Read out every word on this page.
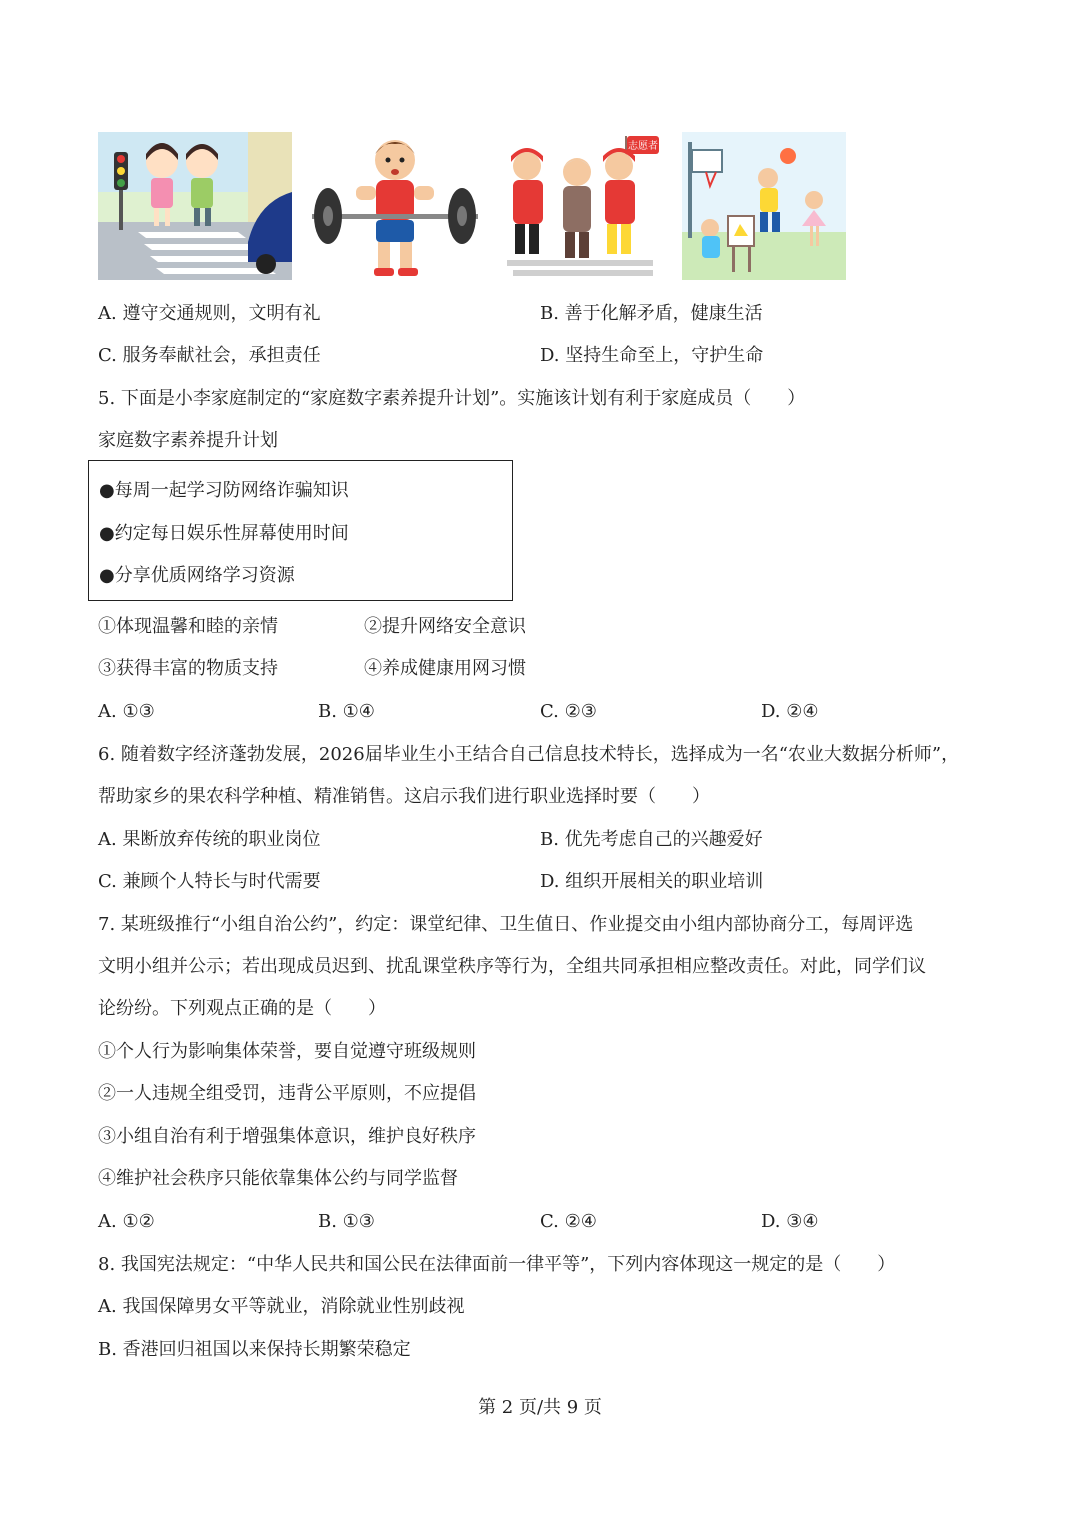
志愿者
A. 遵守交通规则，文明有礼	B. 善于化解矛盾，健康生活
C. 服务奉献社会，承担责任	D. 坚持生命至上，守护生命
5. 下面是小李家庭制定的“家庭数字素养提升计划”。实施该计划有利于家庭成员（　　）
家庭数字素养提升计划
●每周一起学习防网络诈骗知识
●约定每日娱乐性屏幕使用时间
●分享优质网络学习资源
①体现温馨和睦的亲情	②提升网络安全意识
③获得丰富的物质支持	④养成健康用网习惯
A. ①③	B. ①④	C. ②③	D. ②④
6. 随着数字经济蓬勃发展，2026届毕业生小王结合自己信息技术特长，选择成为一名“农业大数据分析师”，
帮助家乡的果农科学种植、精准销售。这启示我们进行职业选择时要（　　）
A. 果断放弃传统的职业岗位	B. 优先考虑自己的兴趣爱好
C. 兼顾个人特长与时代需要	D. 组织开展相关的职业培训
7. 某班级推行“小组自治公约”，约定：课堂纪律、卫生值日、作业提交由小组内部协商分工，每周评选
文明小组并公示；若出现成员迟到、扰乱课堂秩序等行为，全组共同承担相应整改责任。对此，同学们议
论纷纷。下列观点正确的是（　　）
①个人行为影响集体荣誉，要自觉遵守班级规则
②一人违规全组受罚，违背公平原则，不应提倡
③小组自治有利于增强集体意识，维护良好秩序
④维护社会秩序只能依靠集体公约与同学监督
A. ①②	B. ①③	C. ②④	D. ③④
8. 我国宪法规定：“中华人民共和国公民在法律面前一律平等”，下列内容体现这一规定的是（　　）
A. 我国保障男女平等就业，消除就业性别歧视
B. 香港回归祖国以来保持长期繁荣稳定
第 2 页/共 9 页
